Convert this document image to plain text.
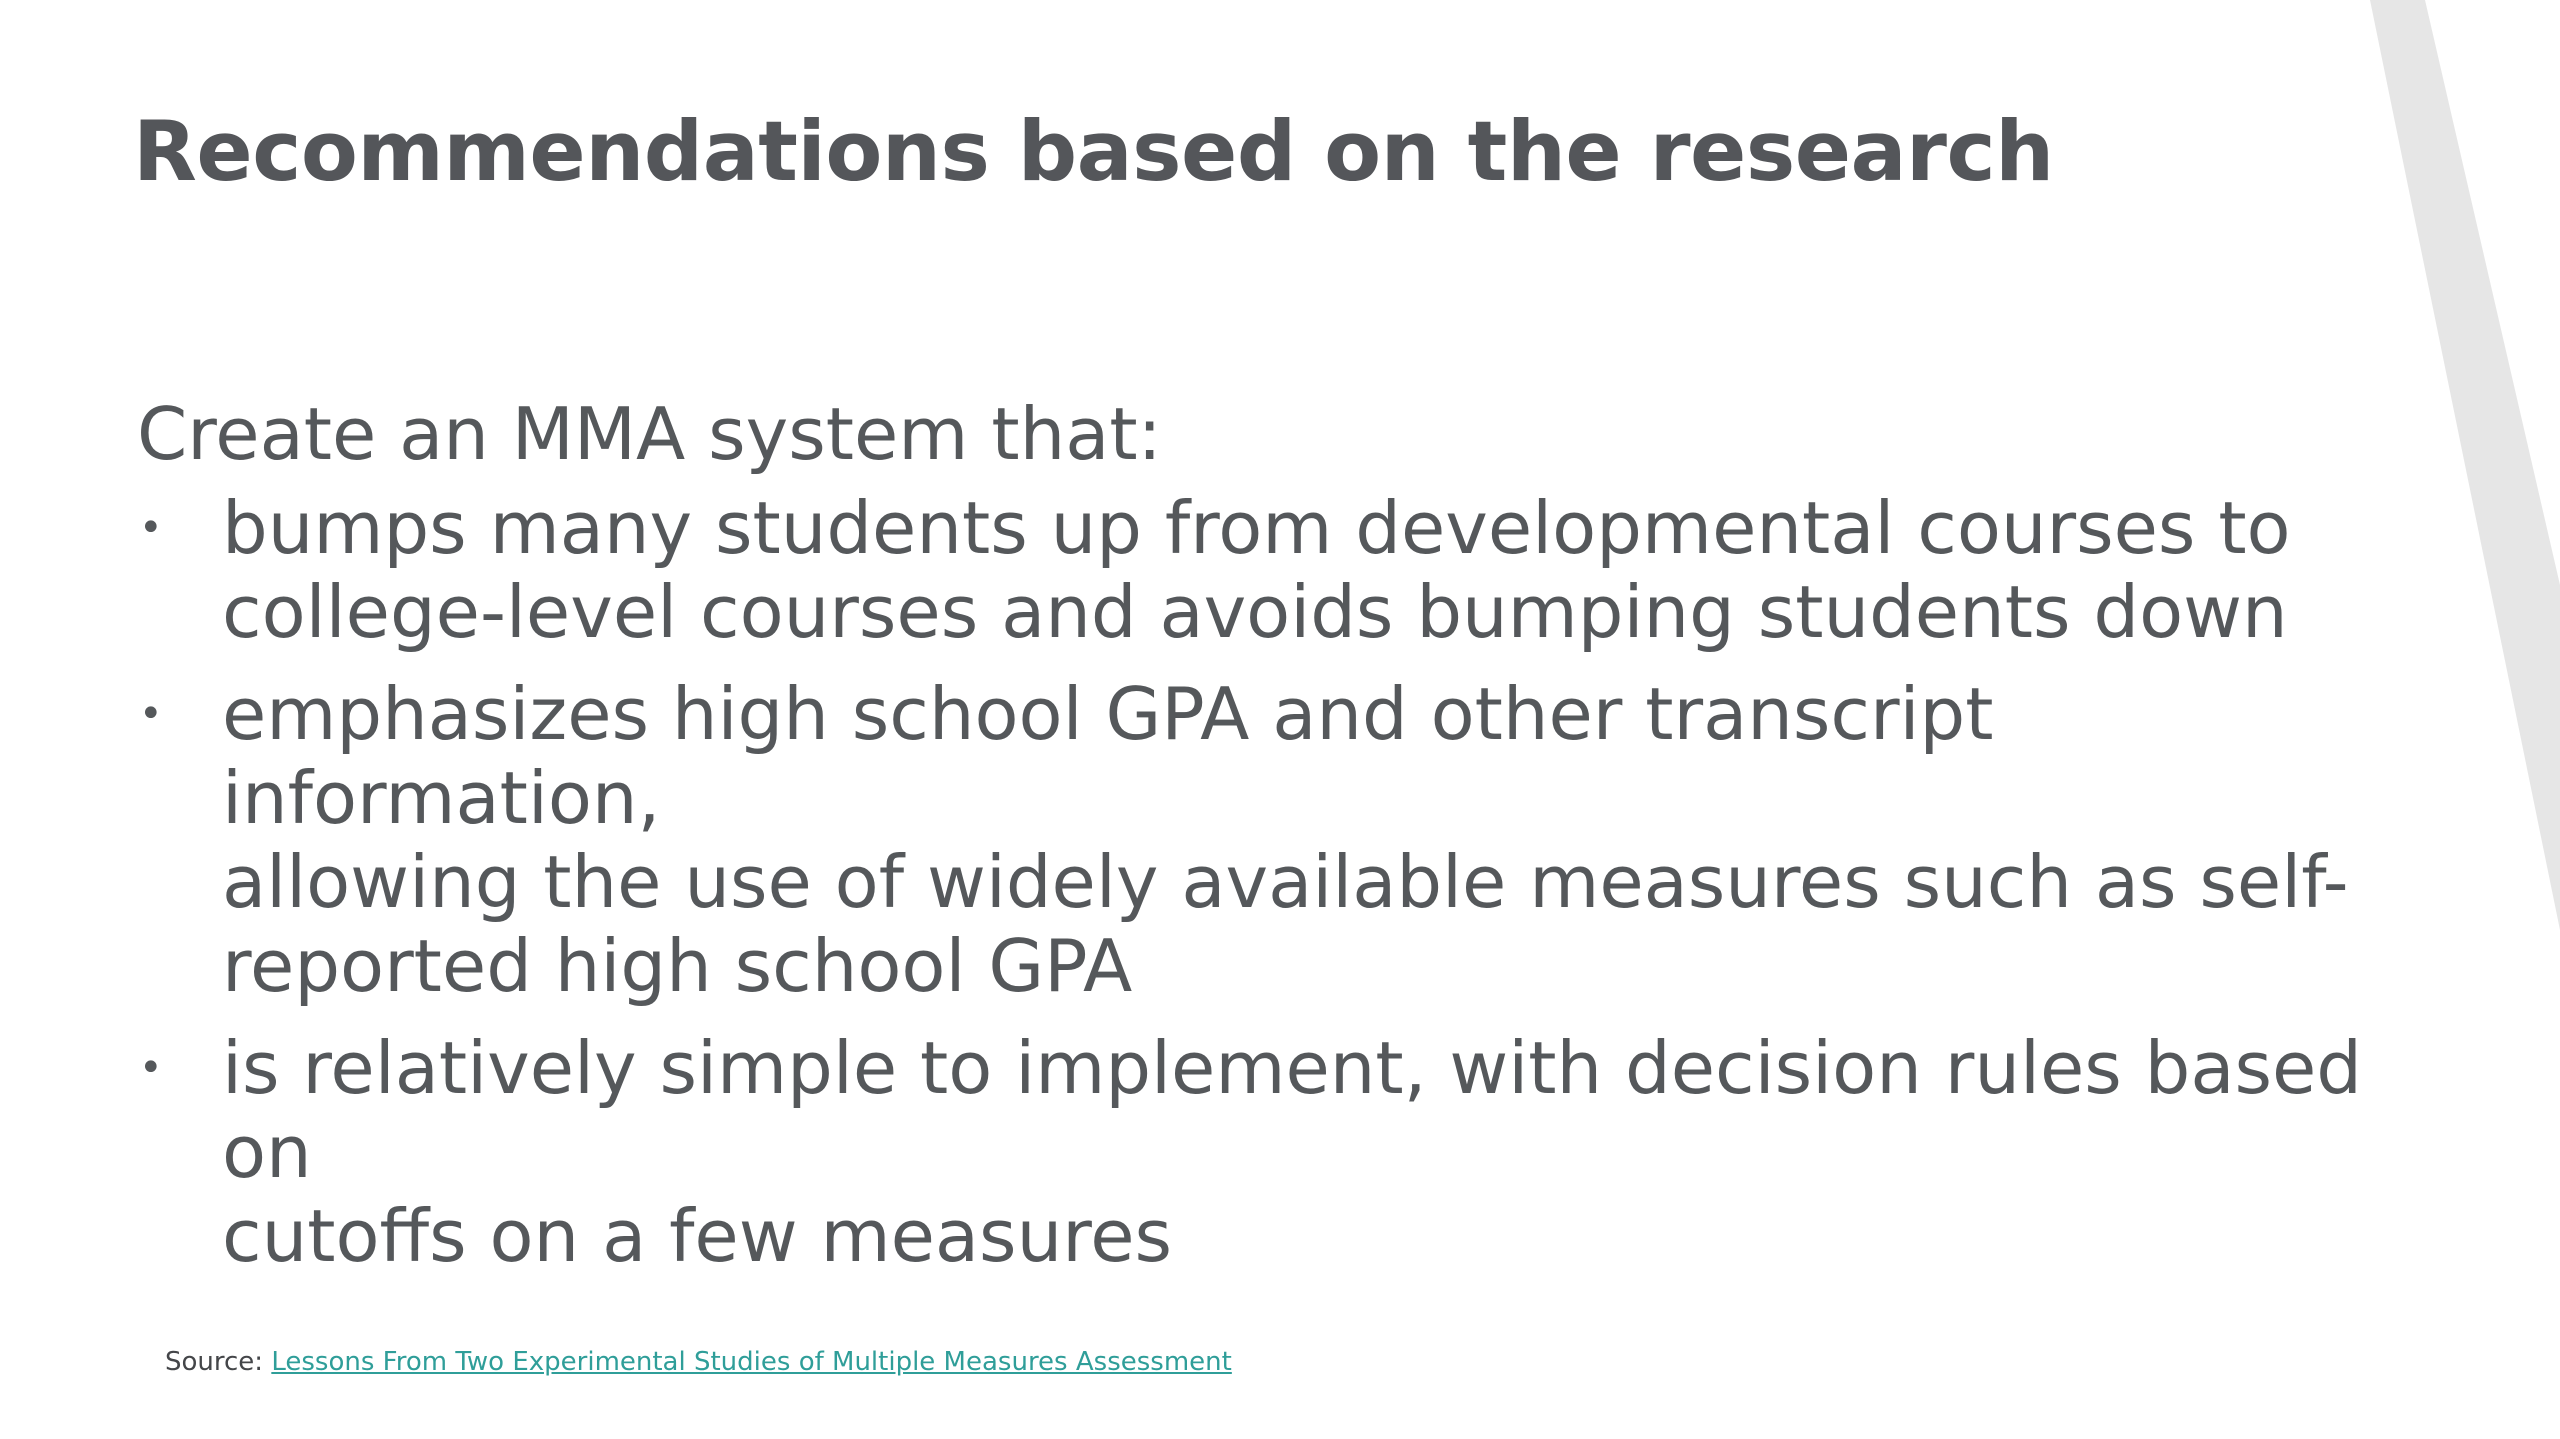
Recommendations based on the research

Create an MMA system that:

• bumps many students up from developmental courses to
college-level courses and avoids bumping students down
• emphasizes high school GPA and other transcript information,
allowing the use of widely available measures such as self-
reported high school GPA
• is relatively simple to implement, with decision rules based on
cutoffs on a few measures
Source: Lessons From Two Experimental Studies of Multiple Measures Assessment
